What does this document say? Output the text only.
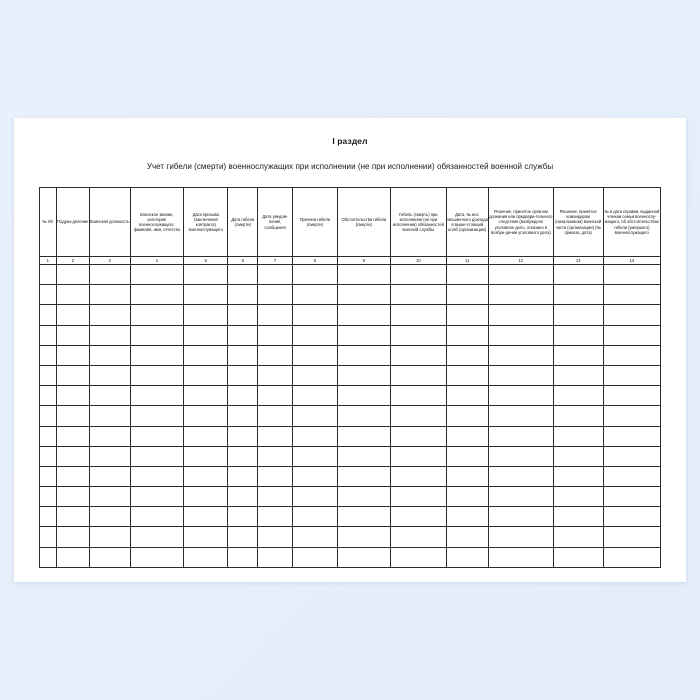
I раздел
Учет гибели (смерти) военнослужащих при исполнении (не при исполнении) обязанностей военной службы
№ п/п	Подраз-деление	Воинская должность	Воинское звание, категория военнослужащего: фамилия, имя, отчество	Дата призыва (заключения контракта) военнослужащего	Дата гибели (смерти)	Дата уведом-ления, сообщения	Причина гибели (смерти)	Обстоятельства гибели (смерти)	Гибель (смерть) при исполнении (не при исполнении) обязанностей военной службы	Дата, № исх. письменного доклада в выше-стоящий штаб (организацию)	Решение, принятое органом дознания или предвари-тельного следствия (возбуждено уголовное дело, отказано в возбуж-дении уголовного дела)	Решение, принятое командиром (начальником) воинской части (организации) (№ приказа, дата)	№ и дата справки, выданной членам семьи военнослу-жащего, об обстоятельствах гибели (умершего) военнослужащего
1	2	3	4	5	6	7	8	9	10	11	12	13	14
